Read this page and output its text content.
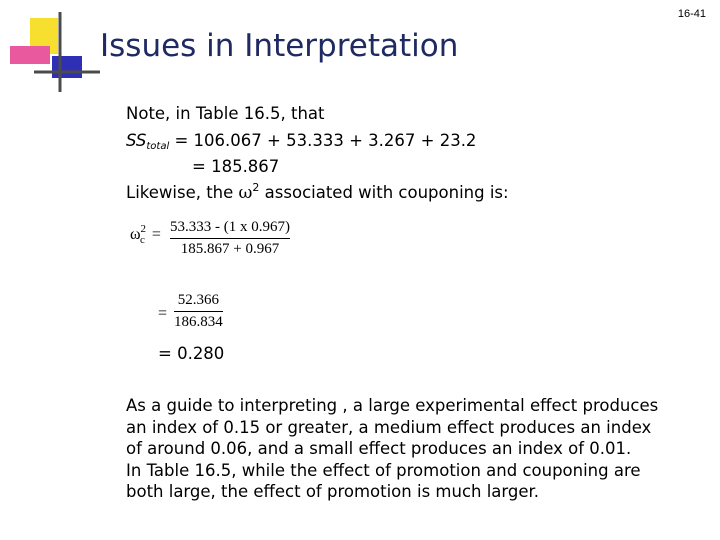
16-41
Issues in Interpretation
Note, in Table 16.5, that
SStotal = 106.067 + 53.333 + 3.267 + 23.2
= 185.867
Likewise, the $\omega^2$ associated with couponing is:
$\omega^2_c = 53.333 - (1$ x 0.967)
185.867 + 0.967
=
52.366
186.834
= 0.280
As a guide to interpreting , a large experimental effect produces
an index of 0.15 or greater, a medium effect produces an index
of around 0.06, and a small effect produces an index of 0.01.
In Table 16.5, while the effect of promotion and couponing are
both large, the effect of promotion is much larger.
